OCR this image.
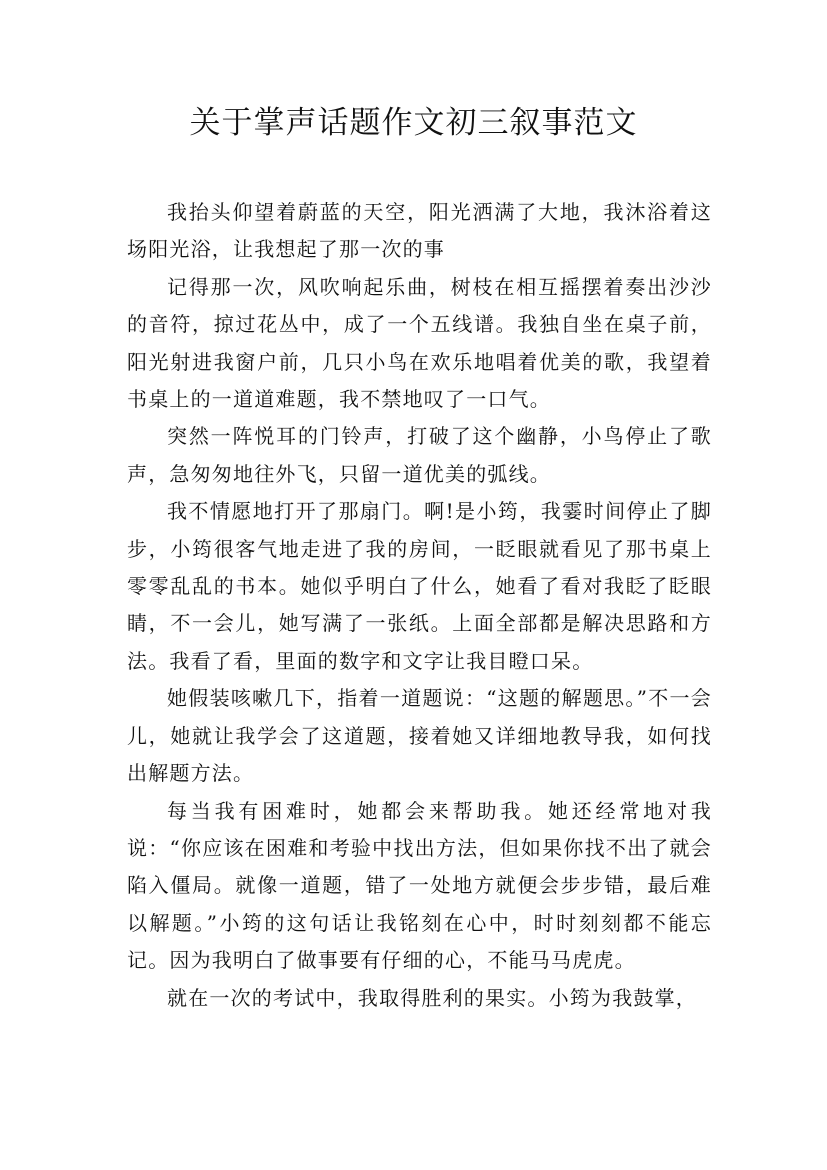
关于掌声话题作文初三叙事范文

我抬头仰望着蔚蓝的天空，阳光洒满了大地，我沐浴着这场阳光浴，让我想起了那一次的事

记得那一次，风吹响起乐曲，树枝在相互摇摆着奏出沙沙的音符，掠过花丛中，成了一个五线谱。我独自坐在桌子前，阳光射进我窗户前，几只小鸟在欢乐地唱着优美的歌，我望着书桌上的一道道难题，我不禁地叹了一口气。

突然一阵悦耳的门铃声，打破了这个幽静，小鸟停止了歌声，急匆匆地往外飞，只留一道优美的弧线。

我不情愿地打开了那扇门。啊!是小筠，我霎时间停止了脚步，小筠很客气地走进了我的房间，一眨眼就看见了那书桌上零零乱乱的书本。她似乎明白了什么，她看了看对我眨了眨眼睛，不一会儿，她写满了一张纸。上面全部都是解决思路和方法。我看了看，里面的数字和文字让我目瞪口呆。

她假装咳嗽几下，指着一道题说：“这题的解题思。”不一会儿，她就让我学会了这道题，接着她又详细地教导我，如何找出解题方法。

每当我有困难时，她都会来帮助我。她还经常地对我说：“你应该在困难和考验中找出方法，但如果你找不出了就会陷入僵局。就像一道题，错了一处地方就便会步步错，最后难以解题。”小筠的这句话让我铭刻在心中，时时刻刻都不能忘记。因为我明白了做事要有仔细的心，不能马马虎虎。

就在一次的考试中，我取得胜利的果实。小筠为我鼓掌，
